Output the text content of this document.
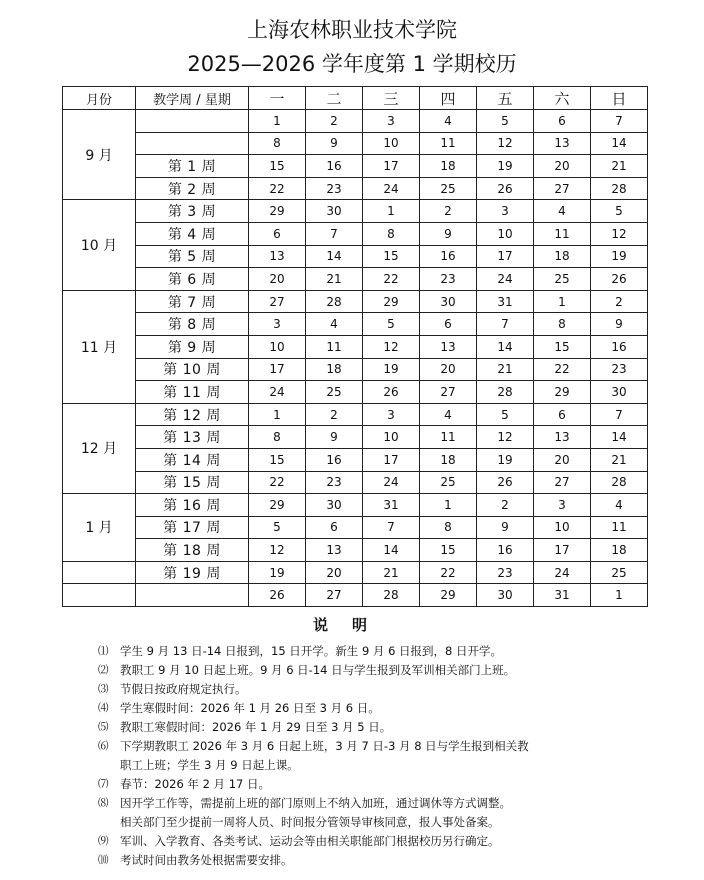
上海农林职业技术学院
2025—2026 学年度第 1 学期校历
月份	教学周 / 星期	一	二	三	四	五	六	日
9 月		1	2	3	4	5	6	7
		8	9	10	11	12	13	14
	第 1 周	15	16	17	18	19	20	21
	第 2 周	22	23	24	25	26	27	28
10 月	第 3 周	29	30	1	2	3	4	5
	第 4 周	6	7	8	9	10	11	12
	第 5 周	13	14	15	16	17	18	19
	第 6 周	20	21	22	23	24	25	26
11 月	第 7 周	27	28	29	30	31	1	2
	第 8 周	3	4	5	6	7	8	9
	第 9 周	10	11	12	13	14	15	16
	第 10 周	17	18	19	20	21	22	23
	第 11 周	24	25	26	27	28	29	30
12 月	第 12 周	1	2	3	4	5	6	7
	第 13 周	8	9	10	11	12	13	14
	第 14 周	15	16	17	18	19	20	21
	第 15 周	22	23	24	25	26	27	28
1 月	第 16 周	29	30	31	1	2	3	4
	第 17 周	5	6	7	8	9	10	11
	第 18 周	12	13	14	15	16	17	18
	第 19 周	19	20	21	22	23	24	25
		26	27	28	29	30	31	1
说明
⑴ 学生 9 月 13 日-14 日报到，15 日开学。新生 9 月 6 日报到，8 日开学。
⑵ 教职工 9 月 10 日起上班。9 月 6 日-14 日与学生报到及军训相关部门上班。
⑶ 节假日按政府规定执行。
⑷ 学生寒假时间：2026 年 1 月 26 日至 3 月 6 日。
⑸ 教职工寒假时间：2026 年 1 月 29 日至 3 月 5 日。
⑹ 下学期教职工 2026 年 3 月 6 日起上班，3 月 7 日-3 月 8 日与学生报到相关教
职工上班；学生 3 月 9 日起上课。
⑺ 春节：2026 年 2 月 17 日。
⑻ 因开学工作等，需提前上班的部门原则上不纳入加班，通过调休等方式调整。
相关部门至少提前一周将人员、时间报分管领导审核同意，报人事处备案。
⑼ 军训、入学教育、各类考试、运动会等由相关职能部门根据校历另行确定。
⑽ 考试时间由教务处根据需要安排。
